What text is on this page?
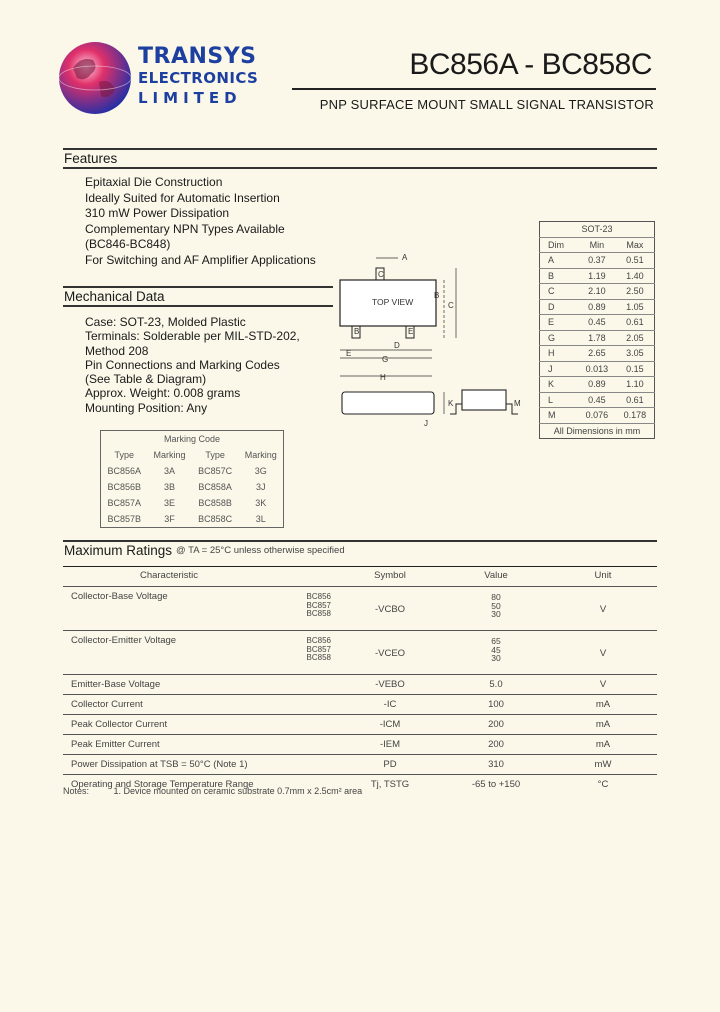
TRANSYS
ELECTRONICS
LIMITED
BC856A - BC858C
PNP SURFACE MOUNT SMALL SIGNAL TRANSISTOR
Features
Epitaxial Die Construction
Ideally Suited for Automatic Insertion
310 mW Power Dissipation
Complementary NPN Types Available
(BC846-BC848)
For Switching and AF Amplifier Applications
Mechanical Data
Case: SOT-23, Molded Plastic
Terminals: Solderable per MIL-STD-202,
Method 208
Pin Connections and Marking Codes
(See Table & Diagram)
Approx. Weight: 0.008 grams
Mounting Position: Any
Marking Code			
Type	Marking	Type	Marking
BC856A	3A	BC857C	3G
BC856B	3B	BC858A	3J
BC857A	3E	BC858B	3K
BC857B	3F	BC858C	3L
TOP VIEW
C
B	E
A
B
C
D
E
G
H
K
J
M
SOT-23		
Dim	Min	Max
A	0.37	0.51
B	1.19	1.40
C	2.10	2.50
D	0.89	1.05
E	0.45	0.61
G	1.78	2.05
H	2.65	3.05
J	0.013	0.15
K	0.89	1.10
L	0.45	0.61
M	0.076	0.178
All Dimensions in mm		
Maximum Ratings @ TA = 25°C unless otherwise specified
Characteristic		Symbol	Value	Unit
Collector-Base Voltage	BC856
BC857
BC858	-VCBO	80
50
30	V
Collector-Emitter Voltage	BC856
BC857
BC858	-VCEO	65
45
30	V
Emitter-Base Voltage		-VEBO	5.0	V
Collector Current		-IC	100	mA
Peak Collector Current		-ICM	200	mA
Peak Emitter Current		-IEM	200	mA
Power Dissipation at TSB = 50°C (Note 1)		PD	310	mW
Operating and Storage Temperature Range		Tj, TSTG	-65 to +150	°C
Notes:	1. Device mounted on ceramic substrate 0.7mm x 2.5cm² area
